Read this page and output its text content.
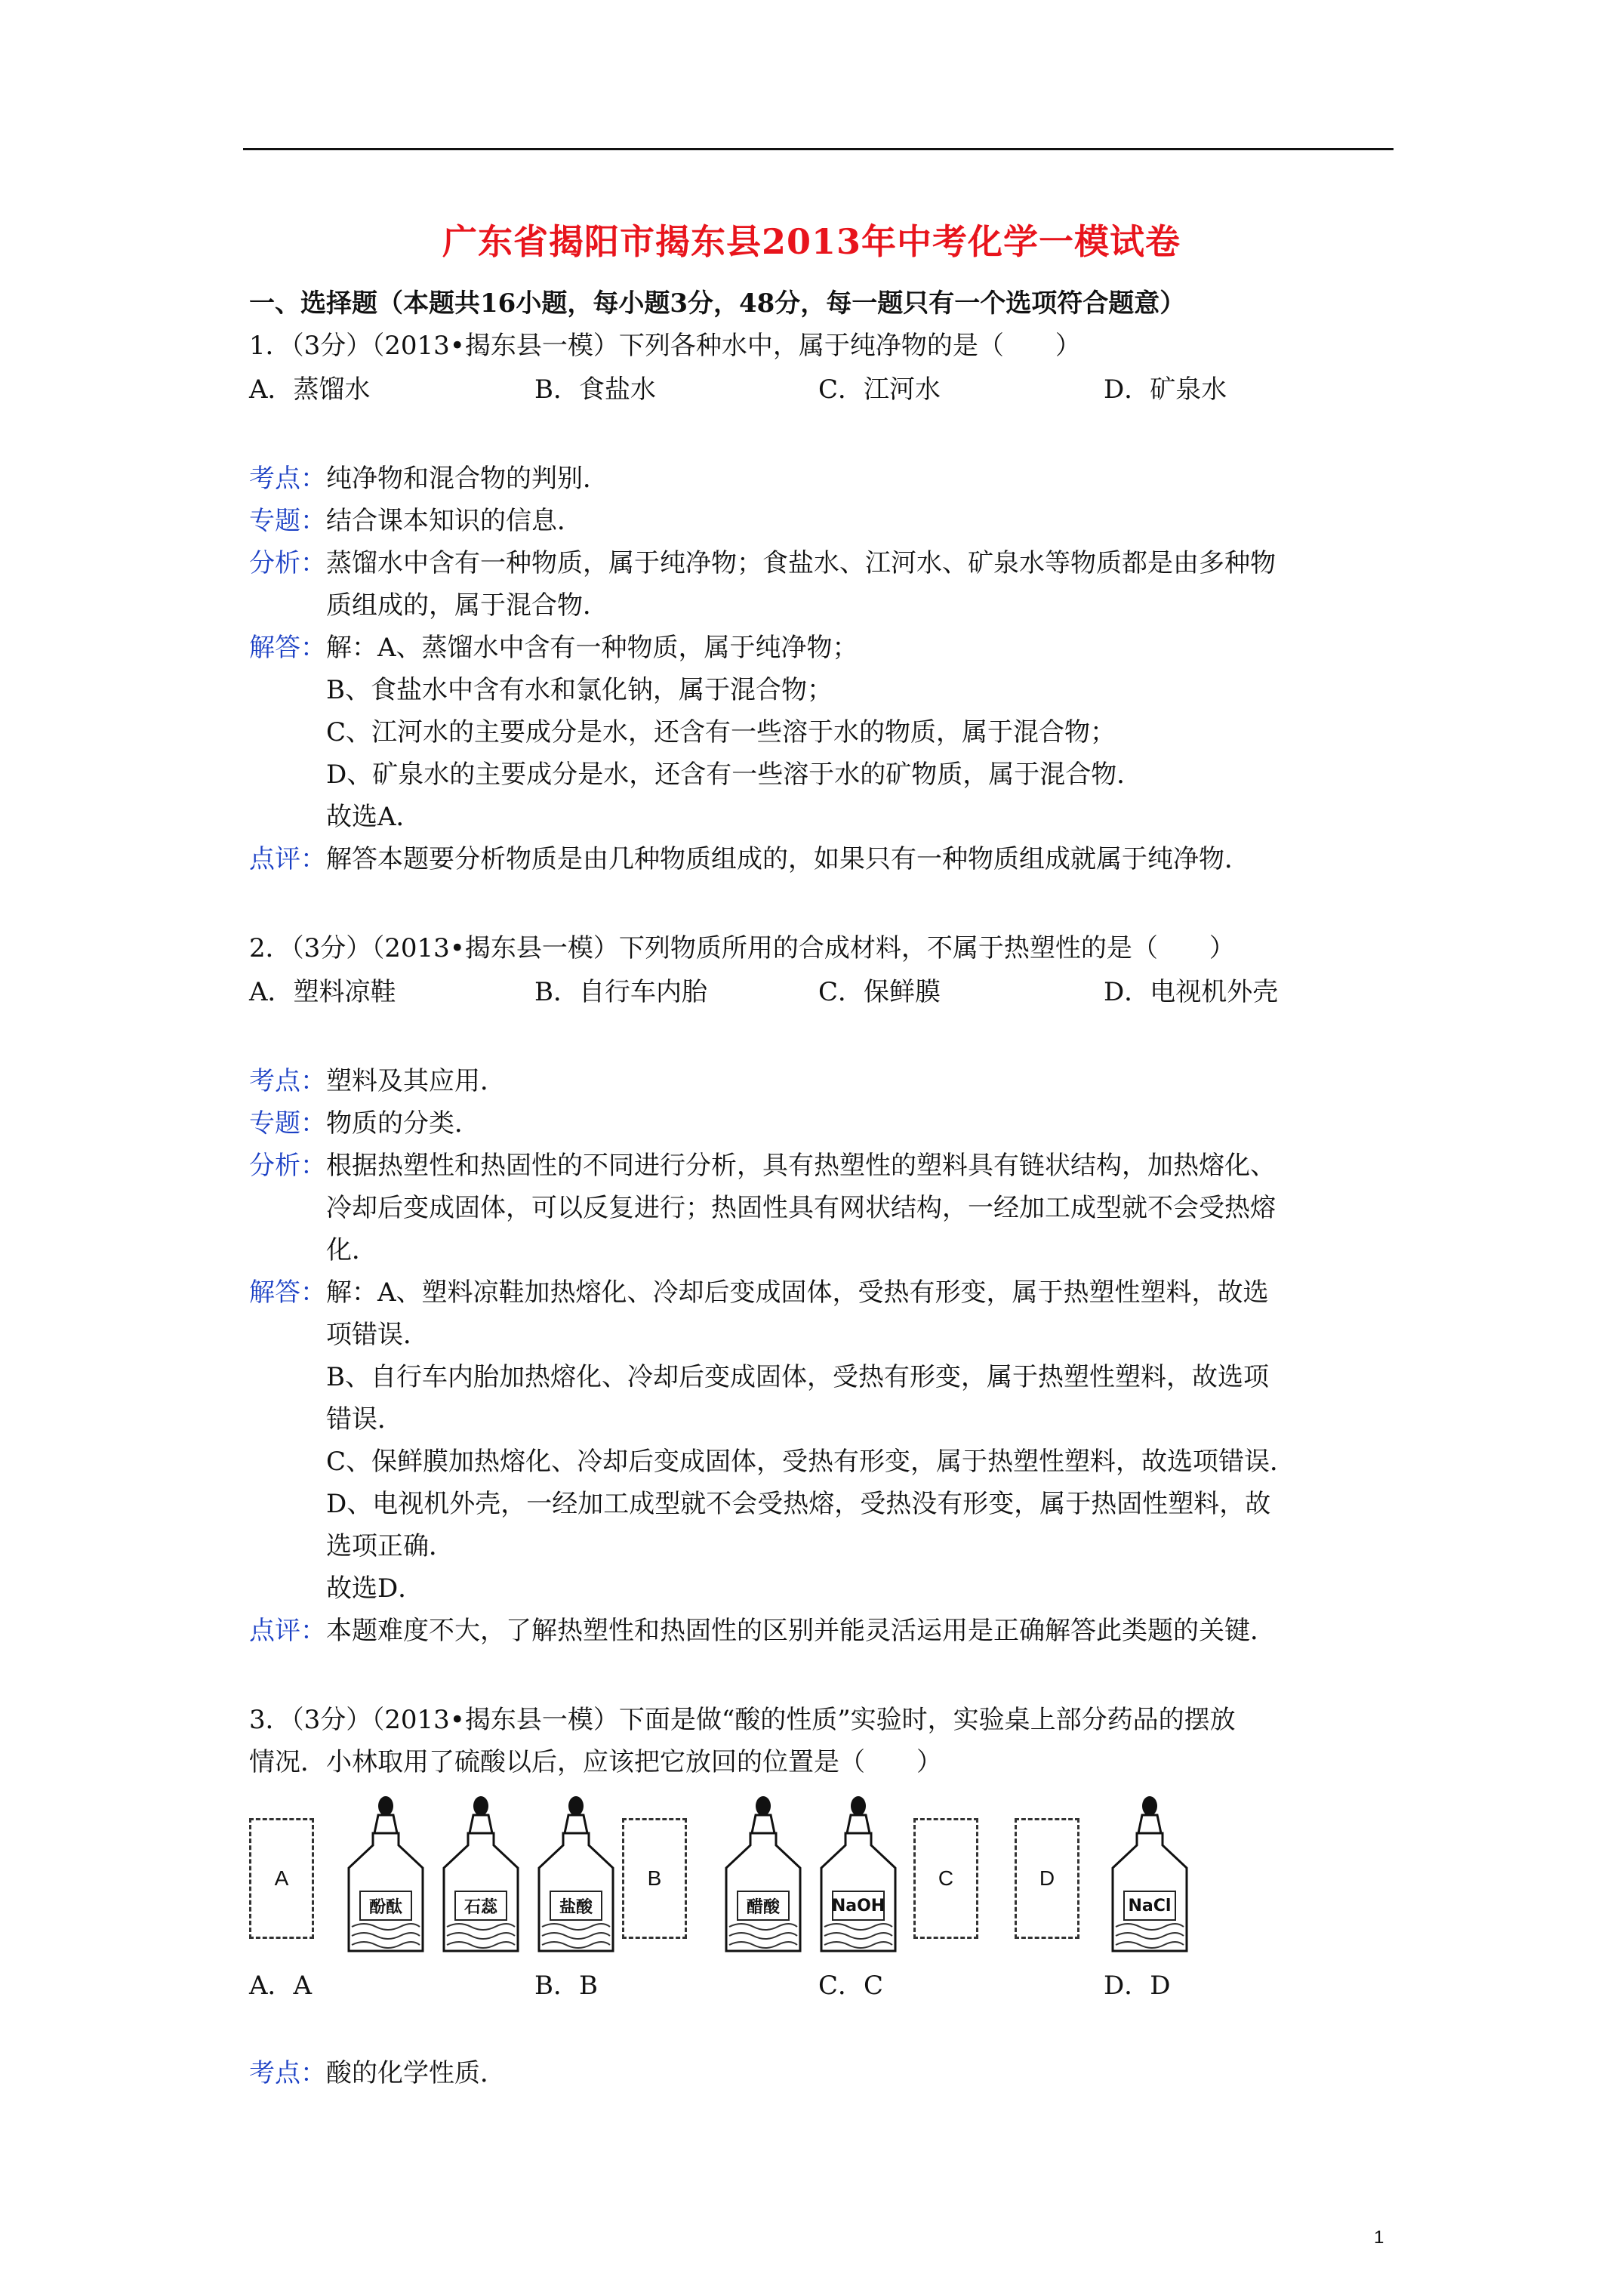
广东省揭阳市揭东县2013年中考化学一模试卷
一、选择题（本题共16小题，每小题3分，48分，每一题只有一个选项符合题意）
1．（3分）（2013•揭东县一模）下列各种水中，属于纯净物的是（　　）
A．蒸馏水	B．食盐水	C．江河水	D．矿泉水
考点：纯净物和混合物的判别．
专题：结合课本知识的信息．
分析：蒸馏水中含有一种物质，属于纯净物；食盐水、江河水、矿泉水等物质都是由多种物
质组成的，属于混合物．
解答：解：A、蒸馏水中含有一种物质，属于纯净物；
B、食盐水中含有水和氯化钠，属于混合物；
C、江河水的主要成分是水，还含有一些溶于水的物质，属于混合物；
D、矿泉水的主要成分是水，还含有一些溶于水的矿物质，属于混合物．
故选A．
点评：解答本题要分析物质是由几种物质组成的，如果只有一种物质组成就属于纯净物．
2．（3分）（2013•揭东县一模）下列物质所用的合成材料，不属于热塑性的是（　　）
A．塑料凉鞋	B．自行车内胎	C．保鲜膜	D．电视机外壳
考点：塑料及其应用．
专题：物质的分类．
分析：根据热塑性和热固性的不同进行分析，具有热塑性的塑料具有链状结构，加热熔化、
冷却后变成固体，可以反复进行；热固性具有网状结构，一经加工成型就不会受热熔
化．
解答：解：A、塑料凉鞋加热熔化、冷却后变成固体，受热有形变，属于热塑性塑料，故选
项错误．
B、自行车内胎加热熔化、冷却后变成固体，受热有形变，属于热塑性塑料，故选项
错误．
C、保鲜膜加热熔化、冷却后变成固体，受热有形变，属于热塑性塑料，故选项错误．
D、电视机外壳，一经加工成型就不会受热熔，受热没有形变，属于热固性塑料，故
选项正确．
故选D．
点评：本题难度不大，了解热塑性和热固性的区别并能灵活运用是正确解答此类题的关键．
3．（3分）（2013•揭东县一模）下面是做“酸的性质”实验时，实验桌上部分药品的摆放
情况．小林取用了硫酸以后，应该把它放回的位置是（　　）
A
酚酞	石蕊	盐酸
B
醋酸	NaOH
C	D
NaCl
A．A	B．B	C．C	D．D
考点：酸的化学性质．
1
